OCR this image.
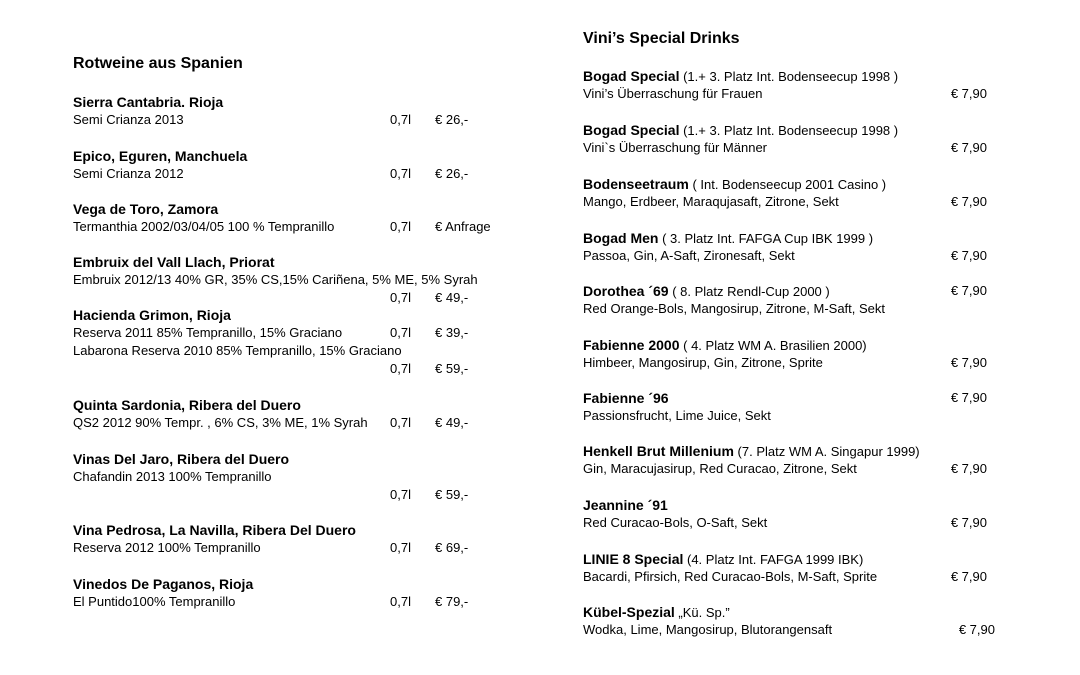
Rotweine aus Spanien
Sierra Cantabria. Rioja
Semi Crianza 2013	0,7l € 26,-
Epico, Eguren, Manchuela
Semi Crianza 2012	0,7l € 26,-
Vega de Toro, Zamora
Termanthia 2002/03/04/05 100 % Tempranillo	0,7l € Anfrage
Embruix del Vall Llach, Priorat
Embruix 2012/13 40% GR, 35% CS,15% Cariñena, 5% ME, 5% Syrah
0,7l € 49,-
Hacienda Grimon, Rioja
Reserva 2011 85% Tempranillo, 15% Graciano	0,7l € 39,-
Labarona Reserva 2010 85% Tempranillo, 15% Graciano
0,7l € 59,-
Quinta Sardonia, Ribera del Duero
QS2 2012 90% Tempr. , 6% CS, 3% ME, 1% Syrah 0,7l € 49,-
Vinas Del Jaro, Ribera del Duero
Chafandin 2013 100% Tempranillo
0,7l € 59,-
Vina Pedrosa, La Navilla, Ribera Del Duero
Reserva 2012 100% Tempranillo	0,7l € 69,-
Vinedos De Paganos, Rioja
El Puntido100% Tempranillo	0,7l € 79,-
Vini’s Special Drinks
Bogad Special (1.+ 3. Platz Int. Bodenseecup 1998 )
Vini’s Überraschung für Frauen	€ 7,90
Bogad Special (1.+ 3. Platz Int. Bodenseecup 1998 )
Vini`s Überraschung für Männer	€ 7,90
Bodenseetraum ( Int. Bodenseecup 2001 Casino )
Mango, Erdbeer, Maraqujasaft, Zitrone, Sekt	€ 7,90
Bogad Men ( 3. Platz Int. FAFGA Cup IBK 1999 )
Passoa, Gin, A-Saft, Zironesaft, Sekt	€ 7,90
Dorothea ´69 ( 8. Platz Rendl-Cup 2000 )	€ 7,90
Red Orange-Bols, Mangosirup, Zitrone, M-Saft, Sekt
Fabienne 2000 ( 4. Platz WM A. Brasilien 2000)
Himbeer, Mangosirup, Gin, Zitrone, Sprite	€ 7,90
Fabienne ´96	€ 7,90
Passionsfrucht, Lime Juice, Sekt
Henkell Brut Millenium (7. Platz WM A. Singapur 1999)
Gin, Maracujasirup, Red Curacao, Zitrone, Sekt	€ 7,90
Jeannine ´91
Red Curacao-Bols, O-Saft, Sekt	€ 7,90
LINIE 8 Special (4. Platz Int. FAFGA 1999 IBK)
Bacardi, Pfirsich, Red Curacao-Bols, M-Saft, Sprite	€ 7,90
Kübel-Spezial „Kü. Sp.”
Wodka, Lime, Mangosirup, Blutorangensaft	€ 7,90
